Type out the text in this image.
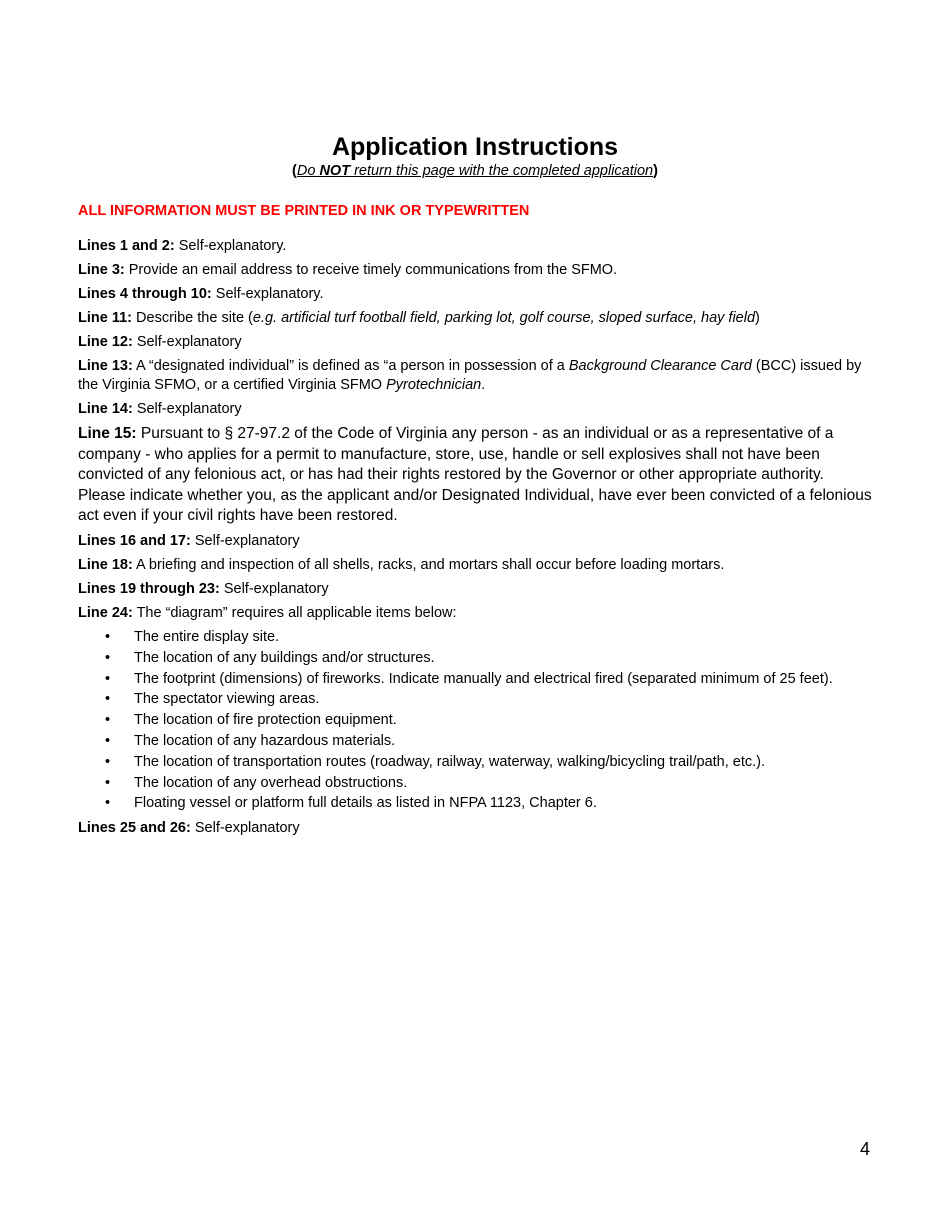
Application Instructions
(Do NOT return this page with the completed application)
ALL INFORMATION MUST BE PRINTED IN INK OR TYPEWRITTEN

Lines 1 and 2: Self-explanatory.

Line 3: Provide an email address to receive timely communications from the SFMO.

Lines 4 through 10: Self-explanatory.

Line 11: Describe the site (e.g. artificial turf football field, parking lot, golf course, sloped surface, hay field)

Line 12: Self-explanatory

Line 13: A “designated individual” is defined as “a person in possession of a Background Clearance Card (BCC) issued by the Virginia SFMO, or a certified Virginia SFMO Pyrotechnician.

Line 14: Self-explanatory

Line 15: Pursuant to § 27-97.2 of the Code of Virginia any person - as an individual or as a representative of a company - who applies for a permit to manufacture, store, use, handle or sell explosives shall not have been convicted of any felonious act, or has had their rights restored by the Governor or other appropriate authority. Please indicate whether you, as the applicant and/or Designated Individual, have ever been convicted of a felonious act even if your civil rights have been restored.

Lines 16 and 17: Self-explanatory

Line 18: A briefing and inspection of all shells, racks, and mortars shall occur before loading mortars.

Lines 19 through 23: Self-explanatory

Line 24: The “diagram” requires all applicable items below:

• The entire display site.
• The location of any buildings and/or structures.
• The footprint (dimensions) of fireworks. Indicate manually and electrical fired (separated minimum of 25 feet).
• The spectator viewing areas.
• The location of fire protection equipment.
• The location of any hazardous materials.
• The location of transportation routes (roadway, railway, waterway, walking/bicycling trail/path, etc.).
• The location of any overhead obstructions.
• Floating vessel or platform full details as listed in NFPA 1123, Chapter 6.

Lines 25 and 26: Self-explanatory

4
